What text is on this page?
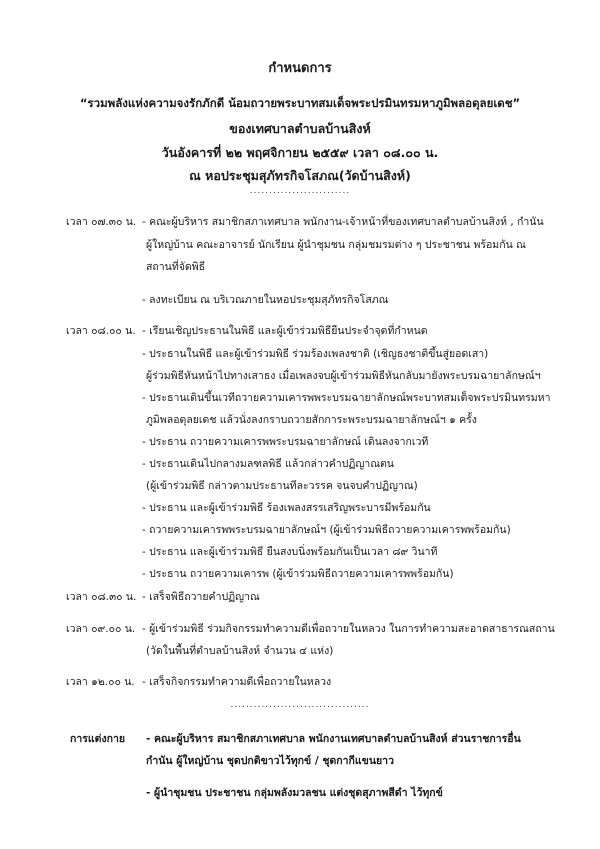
กำหนดการ
“รวมพลังแห่งความจงรักภักดี น้อมถวายพระบาทสมเด็จพระปรมินทรมหาภูมิพลอดุลยเดช”
ของเทศบาลตำบลบ้านสิงห์
วันอังคารที่ ๒๒ พฤศจิกายน ๒๕๕๙ เวลา ๐๘.๐๐ น.
ณ หอประชุมสุภัทรกิจโสภณ(วัดบ้านสิงห์)
..........................
เวลา ๐๗.๓๐ น. - คณะผู้บริหาร สมาชิกสภาเทศบาล พนักงาน-เจ้าหน้าที่ของเทศบาลตำบลบ้านสิงห์ , กำนัน
ผู้ใหญ่บ้าน คณะอาจารย์ นักเรียน ผู้นำชุมชน กลุ่มชมรมต่าง ๆ ประชาชน พร้อมกัน ณ
สถานที่จัดพิธี
- ลงทะเบียน ณ บริเวณภายในหอประชุมสุภัทรกิจโสภณ
เวลา ๐๘.๐๐ น. - เรียนเชิญประธานในพิธี และผู้เข้าร่วมพิธียืนประจำจุดที่กำหนด
- ประธานในพิธี และผู้เข้าร่วมพิธี ร่วมร้องเพลงชาติ (เชิญธงชาติขึ้นสู่ยอดเสา)
ผู้ร่วมพิธีหันหน้าไปทางเสาธง เมื่อเพลงจบผู้เข้าร่วมพิธีหันกลับมายังพระบรมฉายาลักษณ์ฯ
- ประธานเดินขึ้นเวทีถวายความเคารพพระบรมฉายาลักษณ์พระบาทสมเด็จพระปรมินทรมหา
ภูมิพลอดุลยเดช แล้วนั่งลงกราบถวายสักการะพระบรมฉายาลักษณ์ฯ ๑ ครั้ง
- ประธาน ถวายความเคารพพระบรมฉายาลักษณ์ เดินลงจากเวที
- ประธานเดินไปกลางมลฑลพิธี แล้วกล่าวคำปฏิญาณตน
(ผู้เข้าร่วมพิธี กล่าวตามประธานทีละวรรค จนจบคำปฏิญาณ)
- ประธาน และผู้เข้าร่วมพิธี ร้องเพลงสรรเสริญพระบารมีพร้อมกัน
- ถวายความเคารพพระบรมฉายาลักษณ์ฯ (ผู้เข้าร่วมพิธีถวายความเคารพพร้อมกัน)
- ประธาน และผู้เข้าร่วมพิธี ยืนสงบนิ่งพร้อมกันเป็นเวลา ๘๙ วินาที
- ประธาน ถวายความเคารพ (ผู้เข้าร่วมพิธีถวายความเคารพพร้อมกัน)
เวลา ๐๘.๓๐ น. - เสร็จพิธีถวายคำปฏิญาณ
เวลา ๐๙.๐๐ น. - ผู้เข้าร่วมพิธี ร่วมกิจกรรมทำความดีเพื่อถวายในหลวง ในการทำความสะอาดสาธารณสถาน
(วัดในพื้นที่ตำบลบ้านสิงห์ จำนวน ๔ แห่ง)
เวลา ๑๒.๐๐ น. - เสร็จกิจกรรมทำความดีเพื่อถวายในหลวง
....................................
การแต่งกาย - คณะผู้บริหาร สมาชิกสภาเทศบาล พนักงานเทศบาลตำบลบ้านสิงห์ ส่วนราชการอื่น
กำนัน ผู้ใหญ่บ้าน ชุดปกติขาวไว้ทุกข์ / ชุดกากีแขนยาว
- ผู้นำชุมชน ประชาชน กลุ่มพลังมวลชน แต่งชุดสุภาพสีดำ ไว้ทุกข์
